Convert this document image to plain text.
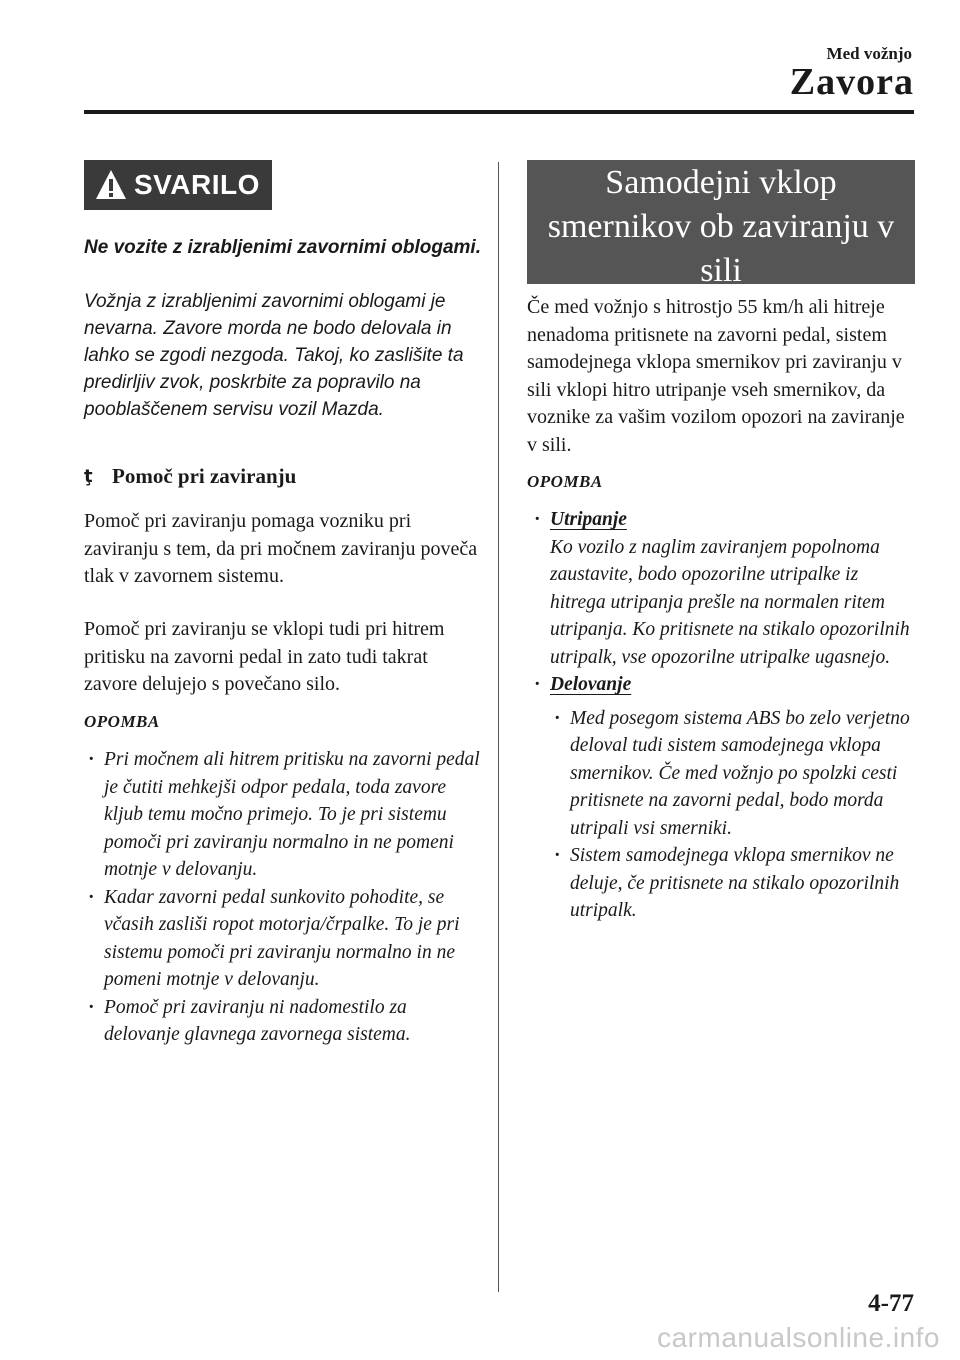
Med vožnjo
Zavora
SVARILO
Ne vozite z izrabljenimi zavornimi oblogami.
Vožnja z izrabljenimi zavornimi oblogami je nevarna. Zavore morda ne bodo delovala in lahko se zgodi nezgoda. Takoj, ko zaslišite ta predirljiv zvok, poskrbite za popravilo na pooblaščenem servisu vozil Mazda.
ţ Pomoč pri zaviranju
Pomoč pri zaviranju pomaga vozniku pri zaviranju s tem, da pri močnem zaviranju poveča tlak v zavornem sistemu.
Pomoč pri zaviranju se vklopi tudi pri hitrem pritisku na zavorni pedal in zato tudi takrat zavore delujejo s povečano silo.
OPOMBA
· Pri močnem ali hitrem pritisku na zavorni pedal je čutiti mehkejši odpor pedala, toda zavore kljub temu močno primejo. To je pri sistemu pomoči pri zaviranju normalno in ne pomeni motnje v delovanju.
· Kadar zavorni pedal sunkovito pohodite, se včasih zasliši ropot motorja/črpalke. To je pri sistemu pomoči pri zaviranju normalno in ne pomeni motnje v delovanju.
· Pomoč pri zaviranju ni nadomestilo za delovanje glavnega zavornega sistema.
Samodejni vklop
smernikov ob zaviranju v
sili
Če med vožnjo s hitrostjo 55 km/h ali hitreje nenadoma pritisnete na zavorni pedal, sistem samodejnega vklopa smernikov pri zaviranju v sili vklopi hitro utripanje vseh smernikov, da voznike za vašim vozilom opozori na zaviranje v sili.
OPOMBA
· Utripanje
Ko vozilo z naglim zaviranjem popolnoma zaustavite, bodo opozorilne utripalke iz hitrega utripanja prešle na normalen ritem utripanja. Ko pritisnete na stikalo opozorilnih utripalk, vse opozorilne utripalke ugasnejo.
· Delovanje
· Med posegom sistema ABS bo zelo verjetno deloval tudi sistem samodejnega vklopa smernikov. Če med vožnjo po spolzki cesti pritisnete na zavorni pedal, bodo morda utripali vsi smerniki.
· Sistem samodejnega vklopa smernikov ne deluje, če pritisnete na stikalo opozorilnih utripalk.
4-77
carmanualsonline.info
